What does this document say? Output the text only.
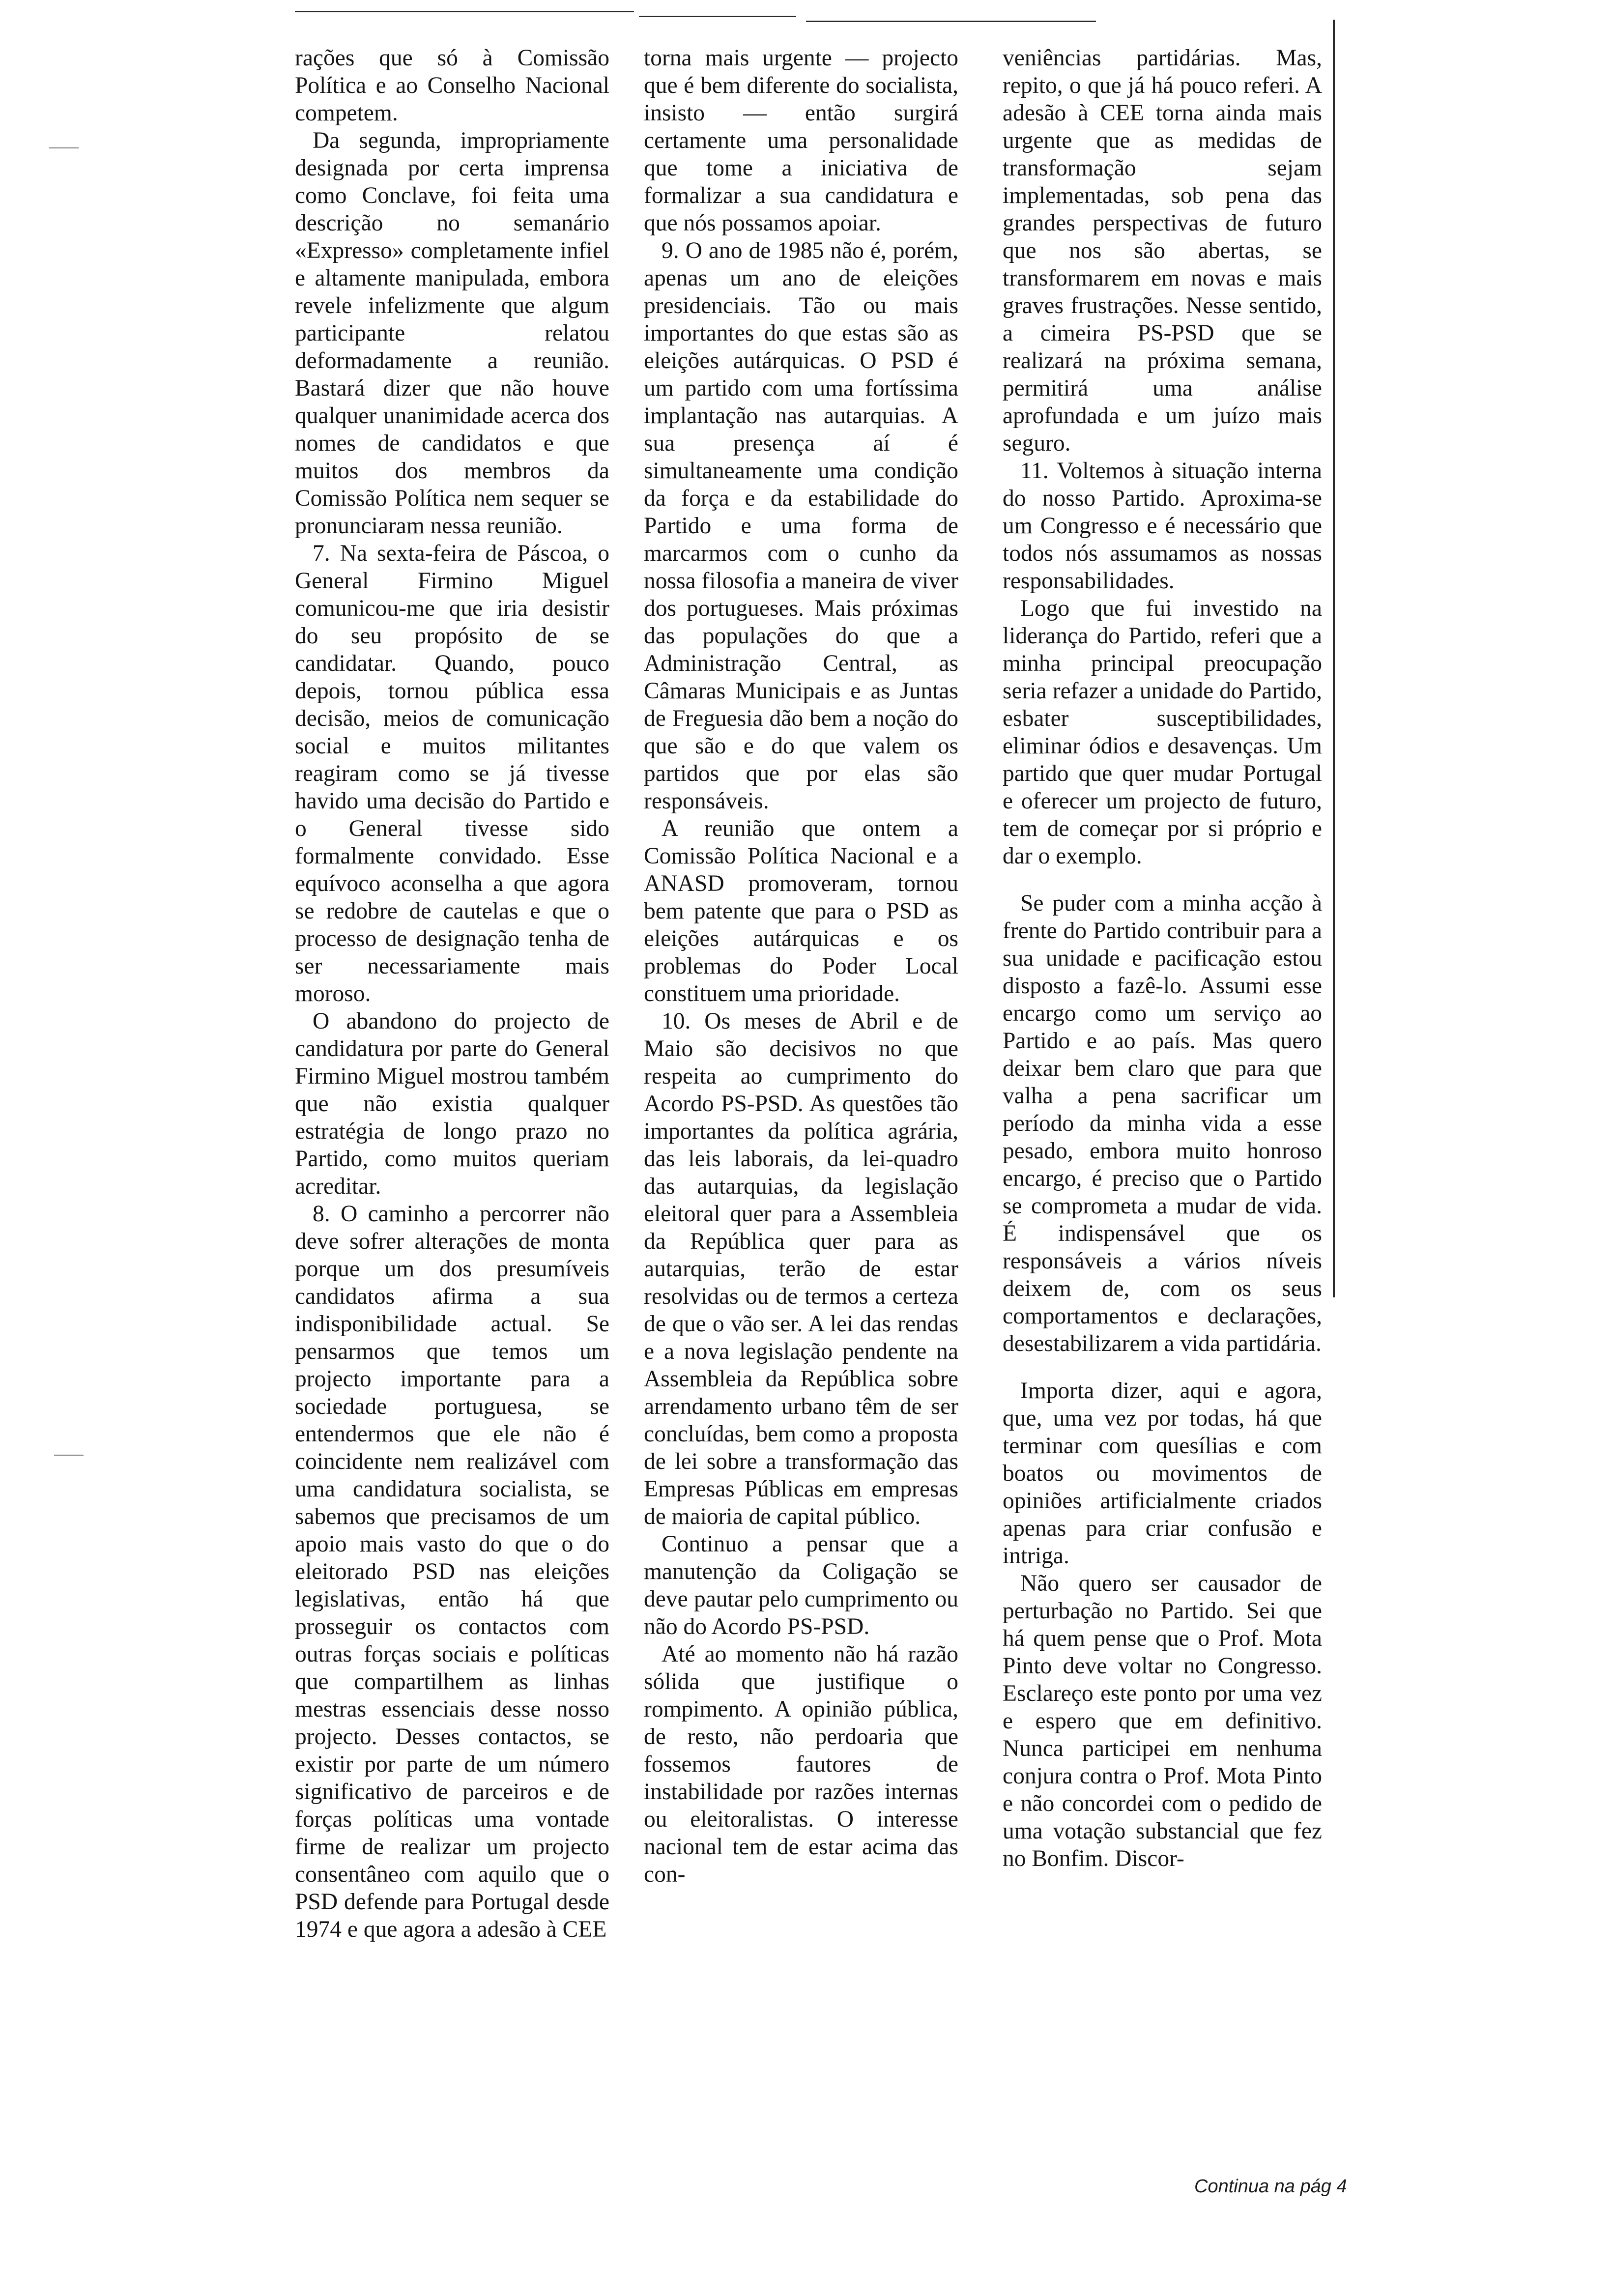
rações que só à Comissão Política e ao Conselho Nacional competem.

Da segunda, impropriamente designada por certa imprensa como Conclave, foi feita uma descrição no semanário «Expresso» completamente infiel e altamente manipulada, embora revele infelizmente que algum participante relatou deformadamente a reunião. Bastará dizer que não houve qualquer unanimidade acerca dos nomes de candidatos e que muitos dos membros da Comissão Política nem sequer se pronunciaram nessa reunião.

7. Na sexta-feira de Páscoa, o General Firmino Miguel comunicou-me que iria desistir do seu propósito de se candidatar. Quando, pouco depois, tornou pública essa decisão, meios de comunicação social e muitos militantes reagiram como se já tivesse havido uma decisão do Partido e o General tivesse sido formalmente convidado. Esse equívoco aconselha a que agora se redobre de cautelas e que o processo de designação tenha de ser necessariamente mais moroso.

O abandono do projecto de candidatura por parte do General Firmino Miguel mostrou também que não existia qualquer estratégia de longo prazo no Partido, como muitos queriam acreditar.

8. O caminho a percorrer não deve sofrer alterações de monta porque um dos presumíveis candidatos afirma a sua indisponibilidade actual. Se pensarmos que temos um projecto importante para a sociedade portuguesa, se entendermos que ele não é coincidente nem realizável com uma candidatura socialista, se sabemos que precisamos de um apoio mais vasto do que o do eleitorado PSD nas eleições legislativas, então há que prosseguir os contactos com outras forças sociais e políticas que compartilhem as linhas mestras essenciais desse nosso projecto. Desses contactos, se existir por parte de um número significativo de parceiros e de forças políticas uma vontade firme de realizar um projecto consentâneo com aquilo que o PSD defende para Portugal desde 1974 e que agora a adesão à CEE

torna mais urgente — projecto que é bem diferente do socialista, insisto — então surgirá certamente uma personalidade que tome a iniciativa de formalizar a sua candidatura e que nós possamos apoiar.

9. O ano de 1985 não é, porém, apenas um ano de eleições presidenciais. Tão ou mais importantes do que estas são as eleições autárquicas. O PSD é um partido com uma fortíssima implantação nas autarquias. A sua presença aí é simultaneamente uma condição da força e da estabilidade do Partido e uma forma de marcarmos com o cunho da nossa filosofia a maneira de viver dos portugueses. Mais próximas das populações do que a Administração Central, as Câmaras Municipais e as Juntas de Freguesia dão bem a noção do que são e do que valem os partidos que por elas são responsáveis.

A reunião que ontem a Comissão Política Nacional e a ANASD promoveram, tornou bem patente que para o PSD as eleições autárquicas e os problemas do Poder Local constituem uma prioridade.

10. Os meses de Abril e de Maio são decisivos no que respeita ao cumprimento do Acordo PS-PSD. As questões tão importantes da política agrária, das leis laborais, da lei-quadro das autarquias, da legislação eleitoral quer para a Assembleia da República quer para as autarquias, terão de estar resolvidas ou de termos a certeza de que o vão ser. A lei das rendas e a nova legislação pendente na Assembleia da República sobre arrendamento urbano têm de ser concluídas, bem como a proposta de lei sobre a transformação das Empresas Públicas em empresas de maioria de capital público.

Continuo a pensar que a manutenção da Coligação se deve pautar pelo cumprimento ou não do Acordo PS-PSD.

Até ao momento não há razão sólida que justifique o rompimento. A opinião pública, de resto, não perdoaria que fossemos fautores de instabilidade por razões internas ou eleitoralistas. O interesse nacional tem de estar acima das con-

veniências partidárias. Mas, repito, o que já há pouco referi. A adesão à CEE torna ainda mais urgente que as medidas de transformação sejam implementadas, sob pena das grandes perspectivas de futuro que nos são abertas, se transformarem em novas e mais graves frustrações. Nesse sentido, a cimeira PS-PSD que se realizará na próxima semana, permitirá uma análise aprofundada e um juízo mais seguro.

11. Voltemos à situação interna do nosso Partido. Aproxima-se um Congresso e é necessário que todos nós assumamos as nossas responsabilidades.

Logo que fui investido na liderança do Partido, referi que a minha principal preocupação seria refazer a unidade do Partido, esbater susceptibilidades, eliminar ódios e desavenças. Um partido que quer mudar Portugal e oferecer um projecto de futuro, tem de começar por si próprio e dar o exemplo.

Se puder com a minha acção à frente do Partido contribuir para a sua unidade e pacificação estou disposto a fazê-lo. Assumi esse encargo como um serviço ao Partido e ao país. Mas quero deixar bem claro que para que valha a pena sacrificar um período da minha vida a esse pesado, embora muito honroso encargo, é preciso que o Partido se comprometa a mudar de vida. É indispensável que os responsáveis a vários níveis deixem de, com os seus comportamentos e declarações, desestabilizarem a vida partidária.

Importa dizer, aqui e agora, que, uma vez por todas, há que terminar com quesílias e com boatos ou movimentos de opiniões artificialmente criados apenas para criar confusão e intriga.

Não quero ser causador de perturbação no Partido. Sei que há quem pense que o Prof. Mota Pinto deve voltar no Congresso. Esclareço este ponto por uma vez e espero que em definitivo. Nunca participei em nenhuma conjura contra o Prof. Mota Pinto e não concordei com o pedido de uma votação substancial que fez no Bonfim. Discor-

Continua na pág 4
